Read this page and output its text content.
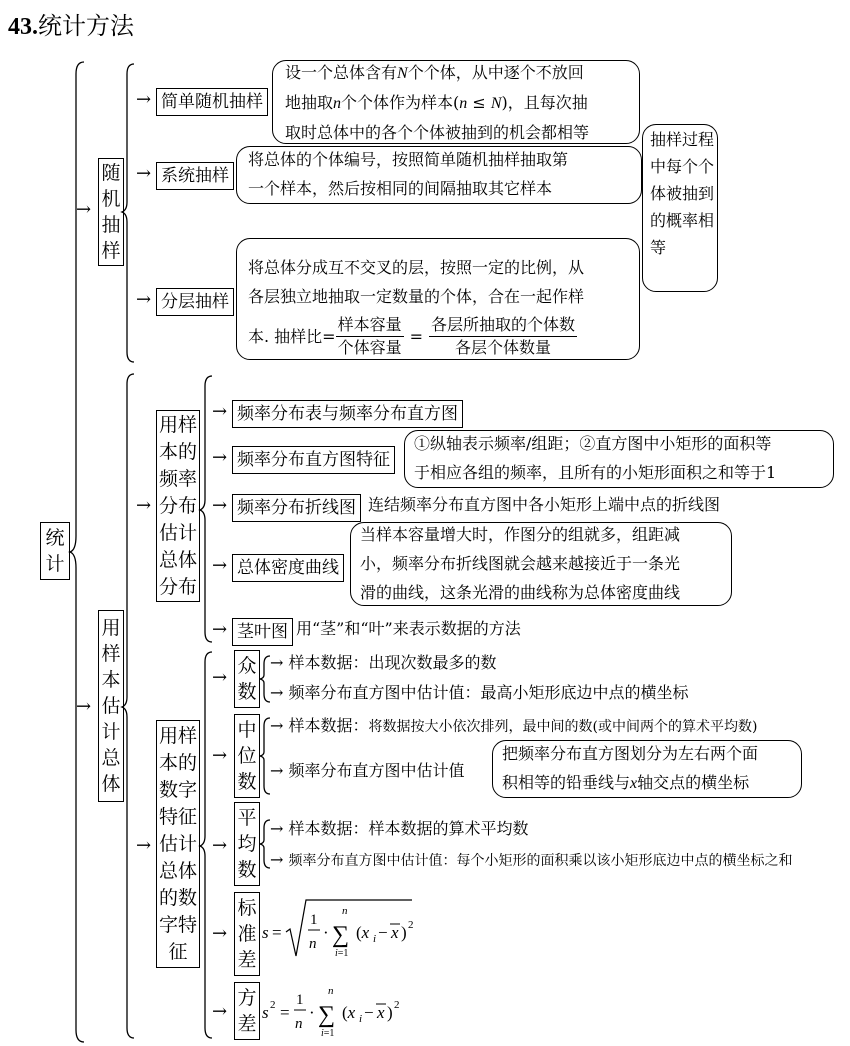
43.统计方法
统计
→
→
随机抽样
→ 简单随机抽样
设一个总体含有N个个体，从中逐个不放回
地抽取n个个体作为样本(n ≤ N)，且每次抽
取时总体中的各个个体被抽到的机会都相等
→ 系统抽样
将总体的个体编号，按照简单随机抽样抽取第
一个样本，然后按相同的间隔抽取其它样本
→ 分层抽样
将总体分成互不交叉的层，按照一定的比例，从
各层独立地抽取一定数量的个体，合在一起作样
本. 抽样比= $\frac{\text{样本容量}}{\text{个体容量}} = \frac{\text{各层所抽取的个体数}}{\text{各层个体数量}}$
抽样过程中每个个体被抽到的概率相等
用样本估计总体
→
用样本的频率分布估计总体分布
→ 频率分布表与频率分布直方图
→ 频率分布直方图特征
①纵轴表示频率/组距；②直方图中小矩形的面积等
于相应各组的频率，且所有的小矩形面积之和等于1
→ 频率分布折线图 连结频率分布直方图中各小矩形上端中点的折线图
→ 总体密度曲线
当样本容量增大时，作图分的组就多，组距减
小，频率分布折线图就会越来越接近于一条光
滑的曲线，这条光滑的曲线称为总体密度曲线
→ 茎叶图 用“茎”和“叶”来表示数据的方法
→
用样本的数字特征估计总体的数字特征
→
众数
→ 样本数据：出现次数最多的数
→ 频率分布直方图中估计值：最高小矩形底边中点的横坐标
→
中位数
→ 样本数据：将数据按大小依次排列，最中间的数(或中间两个的算术平均数)
→ 频率分布直方图中估计值
把频率分布直方图划分为左右两个面
积相等的铅垂线与x轴交点的横坐标
→
平均数
→ 样本数据：样本数据的算术平均数
→ 频率分布直方图中估计值：每个小矩形的面积乘以该小矩形底边中点的横坐标之和
→
标准差
s =
1
n
·
n
∑
i=1
(x i − x ) 2
→
方差
s 2 =
1
n
·
n
∑
i=1
(x i − x ) 2
